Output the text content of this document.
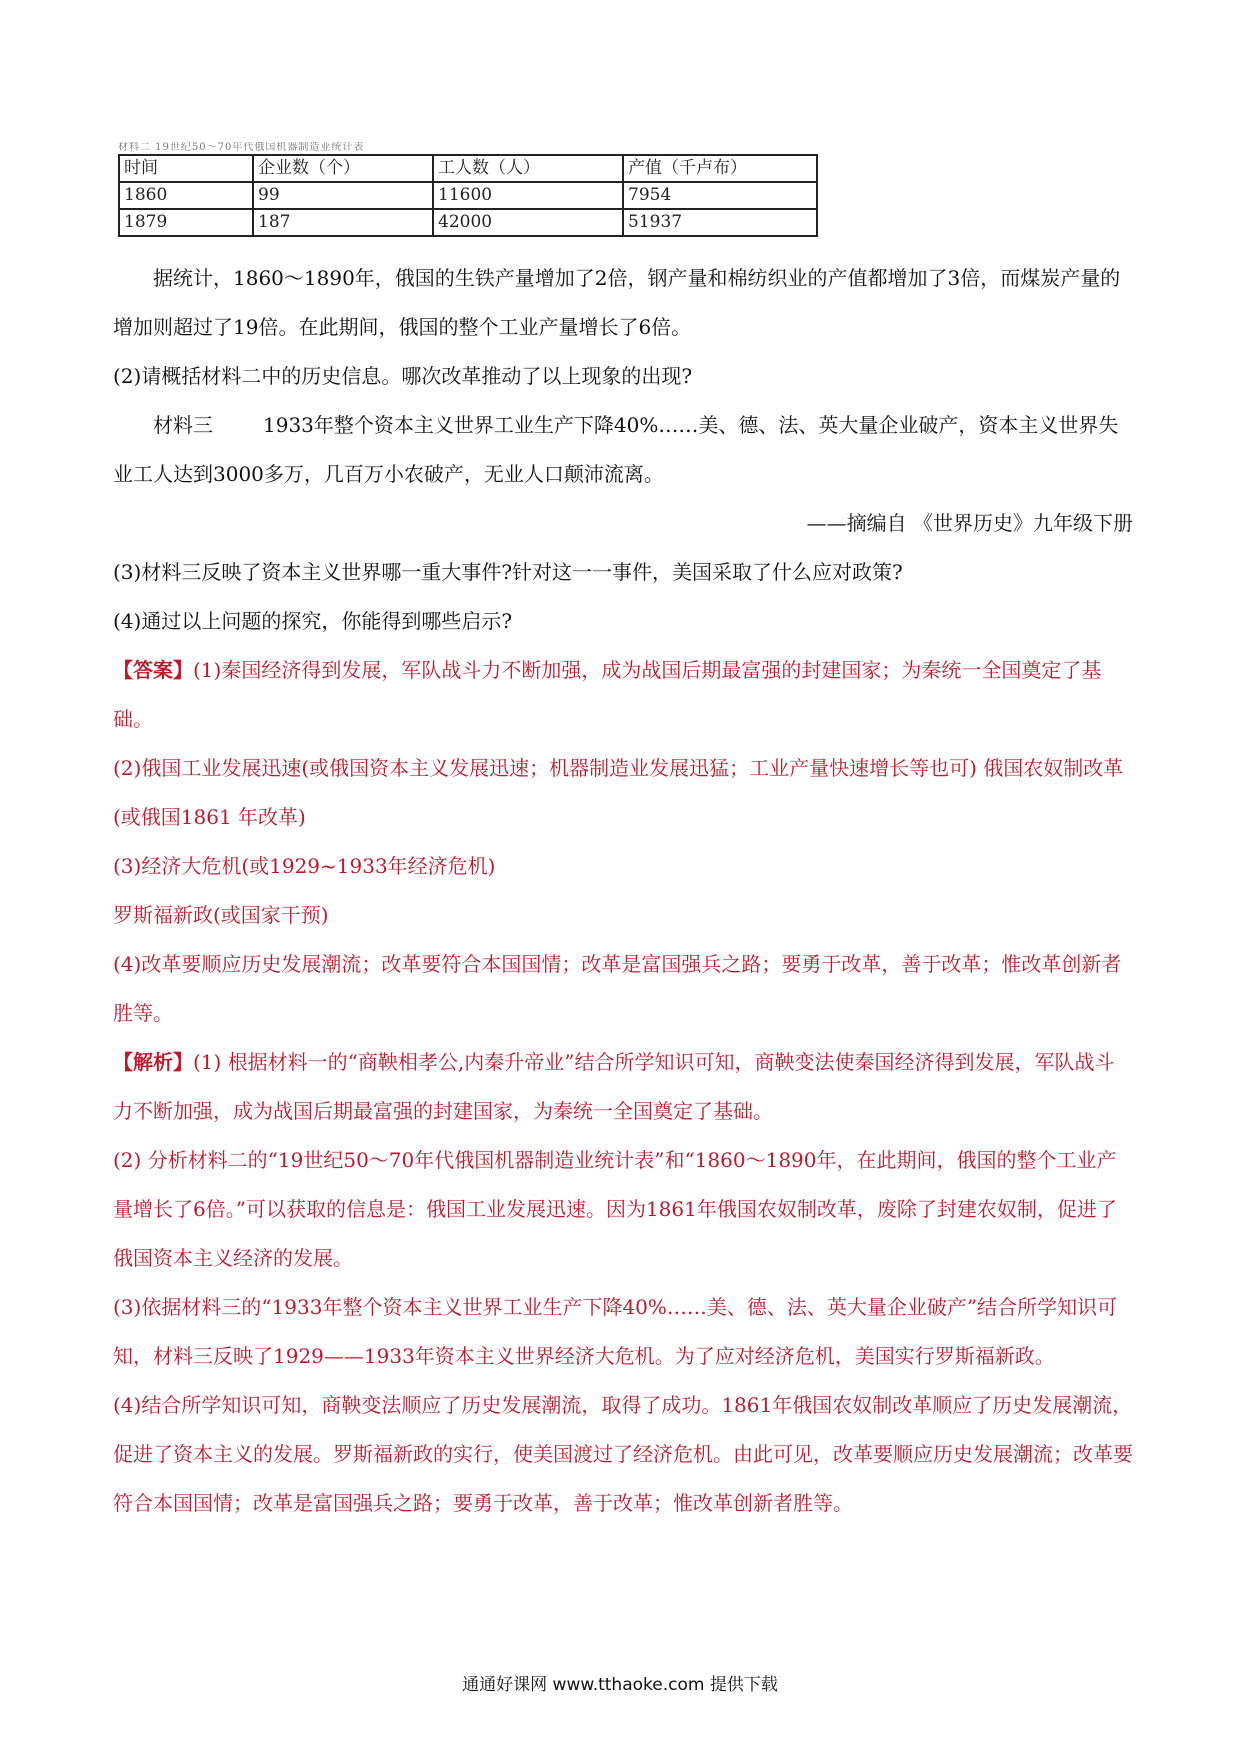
材料二 19世纪50～70年代俄国机器制造业统计表
时间	企业数（个）	工人数（人）	产值（千卢布）
1860	99	11600	7954
1879	187	42000	51937

据统计，1860～1890年，俄国的生铁产量增加了2倍，钢产量和棉纺织业的产值都增加了3倍，而煤炭产量的增加则超过了19倍。在此期间，俄国的整个工业产量增长了6倍。

(2)请概括材料二中的历史信息。哪次改革推动了以上现象的出现?

材料三	1933年整个资本主义世界工业生产下降40%……美、德、法、英大量企业破产，资本主义世界失业工人达到3000多万，几百万小农破产，无业人口颠沛流离。

——摘编自 《世界历史》九年级下册

(3)材料三反映了资本主义世界哪一重大事件?针对这一一事件，美国采取了什么应对政策?

(4)通过以上问题的探究，你能得到哪些启示?

【答案】(1)秦国经济得到发展，军队战斗力不断加强，成为战国后期最富强的封建国家；为秦统一全国奠定了基础。

(2)俄国工业发展迅速(或俄国资本主义发展迅速；机器制造业发展迅猛；工业产量快速增长等也可) 俄国农奴制改革(或俄国1861 年改革)

(3)经济大危机(或1929~1933年经济危机)

罗斯福新政(或国家干预)

(4)改革要顺应历史发展潮流；改革要符合本国国情；改革是富国强兵之路；要勇于改革，善于改革；惟改革创新者胜等。

【解析】(1) 根据材料一的“商鞅相孝公,内秦升帝业”结合所学知识可知，商鞅变法使秦国经济得到发展，军队战斗力不断加强，成为战国后期最富强的封建国家，为秦统一全国奠定了基础。

(2) 分析材料二的“19世纪50～70年代俄国机器制造业统计表”和“1860～1890年，在此期间，俄国的整个工业产量增长了6倍。”可以获取的信息是：俄国工业发展迅速。因为1861年俄国农奴制改革，废除了封建农奴制，促进了俄国资本主义经济的发展。

(3)依据材料三的“1933年整个资本主义世界工业生产下降40%……美、德、法、英大量企业破产”结合所学知识可知，材料三反映了1929——1933年资本主义世界经济大危机。为了应对经济危机，美国实行罗斯福新政。

(4)结合所学知识可知，商鞅变法顺应了历史发展潮流，取得了成功。1861年俄国农奴制改革顺应了历史发展潮流，促进了资本主义的发展。罗斯福新政的实行，使美国渡过了经济危机。由此可见，改革要顺应历史发展潮流；改革要符合本国国情；改革是富国强兵之路；要勇于改革，善于改革；惟改革创新者胜等。

通通好课网 www.tthaoke.com 提供下载
